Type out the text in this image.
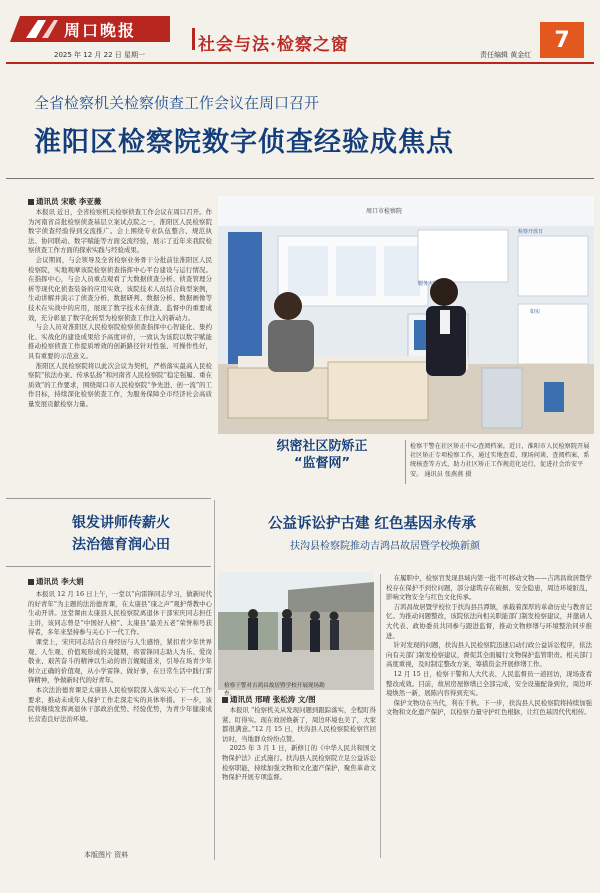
周口晚报
2025 年 12 月 22 日 星期一	社会与法·检察之窗	责任编辑 黄金红
7
全省检察机关检察侦查工作会议在周口召开
淮阳区检察院数字侦查经验成焦点
通讯员 宋歌 李亚薇

本报讯 近日，全省检察机关检察侦查工作会议在周口召开。作为河南省首批检察侦查基层立案试点院之一，淮阳区人民检察院数字侦查经验得到交流推广。会上围绕专业队伍整合、规范执法、协同联动、数字赋能等方面交流经验，展示了近年来我院检察侦查工作方面的探索实践与经验成果。

会议期间，与会领导及全省检察业务骨干分批前往淮阳区人民检察院，实地观摩该院检察侦查指挥中心平台建设与运行情况。在指挥中心，与会人员重点观看了大数据侦查分析、侦查管理分析等现代化侦查装备的应用实效，该院技术人员结合典型案例，生动讲解并演示了侦查分析、数据研判、数据分析、数据画像等技术在实战中的应用，展现了数字技术在侦查、监督中的重要成效，充分彰显了数字化转型为检察侦查工作注入的新动力。

与会人员对淮阳区人民检察院检察侦查指挥中心智能化、集约化、实战化的建设成果给予高度评价，一致认为该院以数字赋能推动检察侦查工作提质增效的创新路径针对性强、可操作性好，具有重要的示范意义。

淮阳区人民检察院将以此次会议为契机，严格落实最高人民检察院“依法办案、传承弘扬”和河南省人民检察院“稳定强履、重在质效”的工作要求，围绕周口市人民检察院“争先进、创一流”的工作目标，持续深化检察侦查工作，为服务保障全市经济社会高质量发展贡献检察力量。

周口市检察院
检察开放日
如实
服务大厅
织密社区防矫正
“监督网”
检察干警在社区矫正中心查阅档案。近日，淮阳市人民检察院开展社区矫正专项检察工作，通过实地查看、现场问谈、查阅档案、系统核查等方式，助力社区矫正工作规范化运行，促进社会治安平安。 通讯员 张燕燕 摄
银发讲师传薪火
法治德育润心田
通讯员 李大娟

本报讯 12 月 16 日上午，一堂以“向雷锋同志学习，做新时代的好青年”为主题的法治德育课，在太康县“康之声”观护帮教中心生动开讲。这堂课由太康县人民检察院离退休干部宋庆同志担任主讲，该同志曾是“中国好人榜”、太康县“最美五老”荣誉称号获得者，多年来坚持参与关心下一代工作。

课堂上，宋庆同志结合自身经历与人生感悟，紧扣青少年世界观、人生观、价值观形成的关键期，将雷锋同志助人为乐、爱岗敬业、艰苦奋斗的精神以生动的语言娓娓道来，引导在场青少年树立正确的价值观，从小学雷锋、做好事，在日常生活中践行雷锋精神，争做新时代的好青年。

本次法治德育课是太康县人民检察院深入落实关心下一代工作要求、推动未成年人保护工作走深走实的具体举措。下一步，该院将继续发挥离退休干部政治优势、经验优势，为青少年健康成长营造良好法治环境。

本版图片 资料
公益诉讼护古建 红色基因永传承
扶沟县检察院推动吉鸿昌故居暨学校焕新颜
检察干警对吉鸿昌故居暨学校开展现场勘查。
通讯员 邢晴 张松涛 文/图

本报讯 “检察机关从发现问题到跟踪落实，全程盯得紧、盯得实。现在故居焕新了，周边环境也美了，大家都很满意。”12 月 15 日，扶沟县人民检察院检察官回访时，当地群众纷纷点赞。

2025 年 3 月 1 日，新修订的《中华人民共和国文物保护法》正式施行。扶沟县人民检察院立足公益诉讼检察职能，持续加强文物和文化遗产保护，聚焦革命文物保护开展专项监督。

在履职中，检察官发现县域内第一批不可移动文物——吉鸿昌故居暨学校存在保护不到位问题，部分建筑存在破损、安全隐患，周边环境脏乱，影响文物安全与红色文化传承。

吉鸿昌故居暨学校位于扶沟县吕潭镇，承载着深厚的革命历史与教育记忆。为推动问题整改，该院依法向相关职能部门制发检察建议，并邀请人大代表、政协委员共同参与跟进监督，推动文物修缮与环境整治同步推进。

针对发现的问题，扶沟县人民检察院迅速启动行政公益诉讼程序，依法向有关部门制发检察建议，督促其全面履行文物保护监管职责。相关部门高度重视，及时制定整改方案，筹措资金开展修缮工作。

12 月 15 日，检察干警和人大代表、人民监督员一道回访，现场查看整改成效。目前，故居房屋修缮已全部完成，安全设施配备到位，周边环境焕然一新，展陈内容得到充实。

保护文物功在当代，利在千秋。下一步，扶沟县人民检察院将持续加强文物和文化遗产保护，以检察力量守护红色根脉，让红色基因代代相传。
